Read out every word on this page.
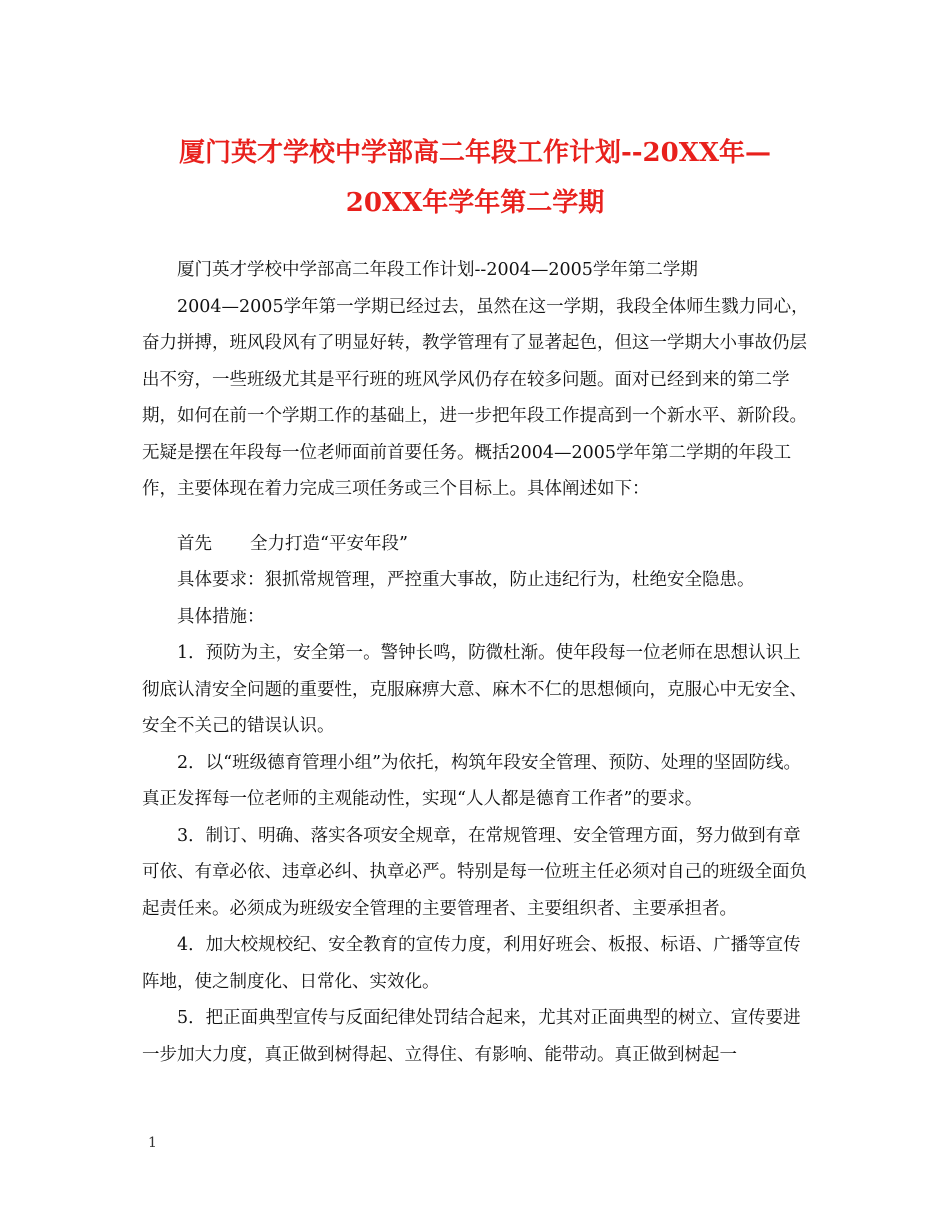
厦门英才学校中学部高二年段工作计划--20XX年—
20XX年学年第二学期

厦门英才学校中学部高二年段工作计划--2004—2005学年第二学期

2004—2005学年第一学期已经过去，虽然在这一学期，我段全体师生戮力同心，奋力拼搏，班风段风有了明显好转，教学管理有了显著起色，但这一学期大小事故仍层出不穷，一些班级尤其是平行班的班风学风仍存在较多问题。面对已经到来的第二学期，如何在前一个学期工作的基础上，进一步把年段工作提高到一个新水平、新阶段。无疑是摆在年段每一位老师面前首要任务。概括2004—2005学年第二学期的年段工作，主要体现在着力完成三项任务或三个目标上。具体阐述如下：

首先 全力打造“平安年段”

具体要求：狠抓常规管理，严控重大事故，防止违纪行为，杜绝安全隐患。

具体措施：

1．预防为主，安全第一。警钟长鸣，防微杜渐。使年段每一位老师在思想认识上彻底认清安全问题的重要性，克服麻痹大意、麻木不仁的思想倾向，克服心中无安全、安全不关己的错误认识。

2．以“班级德育管理小组”为依托，构筑年段安全管理、预防、处理的坚固防线。真正发挥每一位老师的主观能动性，实现“人人都是德育工作者”的要求。

3．制订、明确、落实各项安全规章，在常规管理、安全管理方面，努力做到有章可依、有章必依、违章必纠、执章必严。特别是每一位班主任必须对自己的班级全面负起责任来。必须成为班级安全管理的主要管理者、主要组织者、主要承担者。

4．加大校规校纪、安全教育的宣传力度，利用好班会、板报、标语、广播等宣传阵地，使之制度化、日常化、实效化。

5．把正面典型宣传与反面纪律处罚结合起来，尤其对正面典型的树立、宣传要进一步加大力度，真正做到树得起、立得住、有影响、能带动。真正做到树起一

1
